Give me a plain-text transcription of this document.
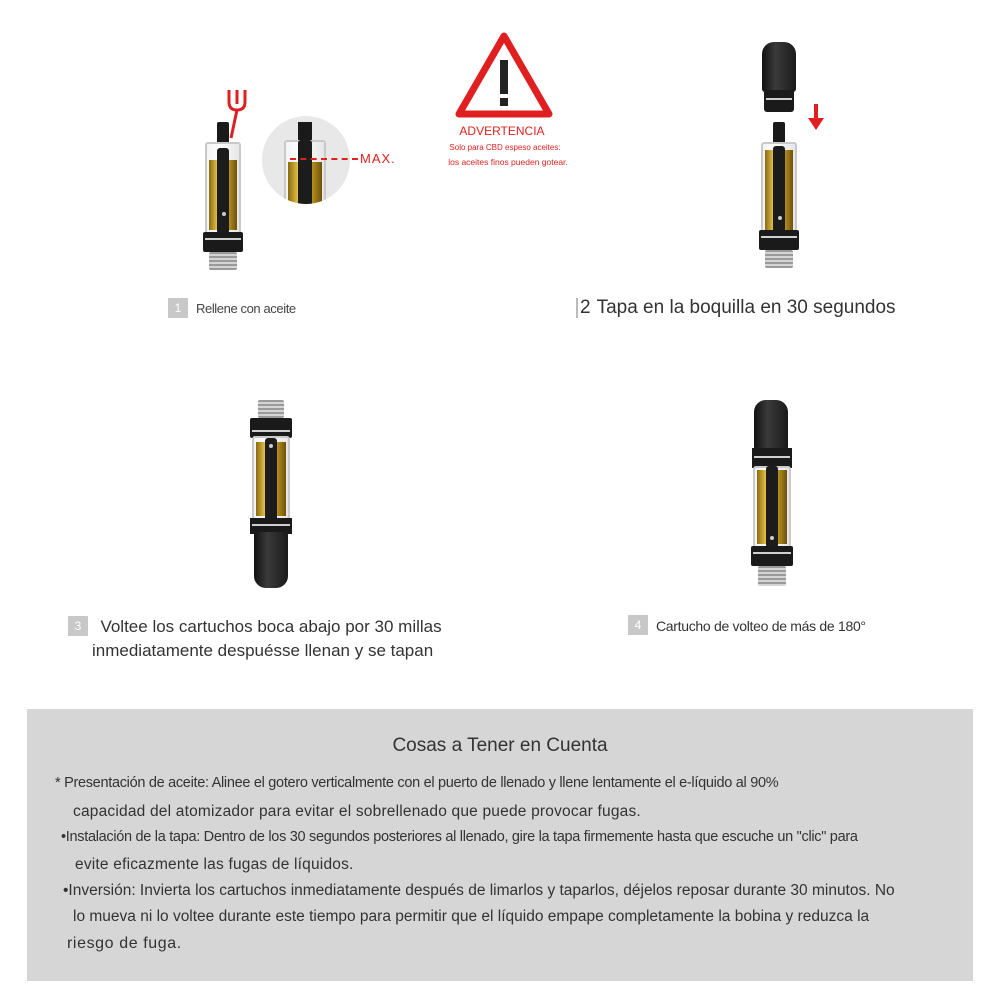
MAX.
ADVERTENCIA
Solo para CBD espeso aceites:
los aceites finos pueden gotear.
1	Rellene con aceite	2 Tapa en la boquilla en 30 segundos
3 Voltee los cartuchos boca abajo por 30 millas
inmediatamente despuésse llenan y se tapan
4	Cartucho de volteo de más de 180°
Cosas a Tener en Cuenta
* Presentación de aceite: Alinee el gotero verticalmente con el puerto de llenado y llene lentamente el e-líquido al 90%
capacidad del atomizador para evitar el sobrellenado que puede provocar fugas.
•Instalación de la tapa: Dentro de los 30 segundos posteriores al llenado, gire la tapa firmemente hasta que escuche un "clic" para
evite eficazmente las fugas de líquidos.
•Inversión: Invierta los cartuchos inmediatamente después de limarlos y taparlos, déjelos reposar durante 30 minutos. No
lo mueva ni lo voltee durante este tiempo para permitir que el líquido empape completamente la bobina y reduzca la
riesgo de fuga.
